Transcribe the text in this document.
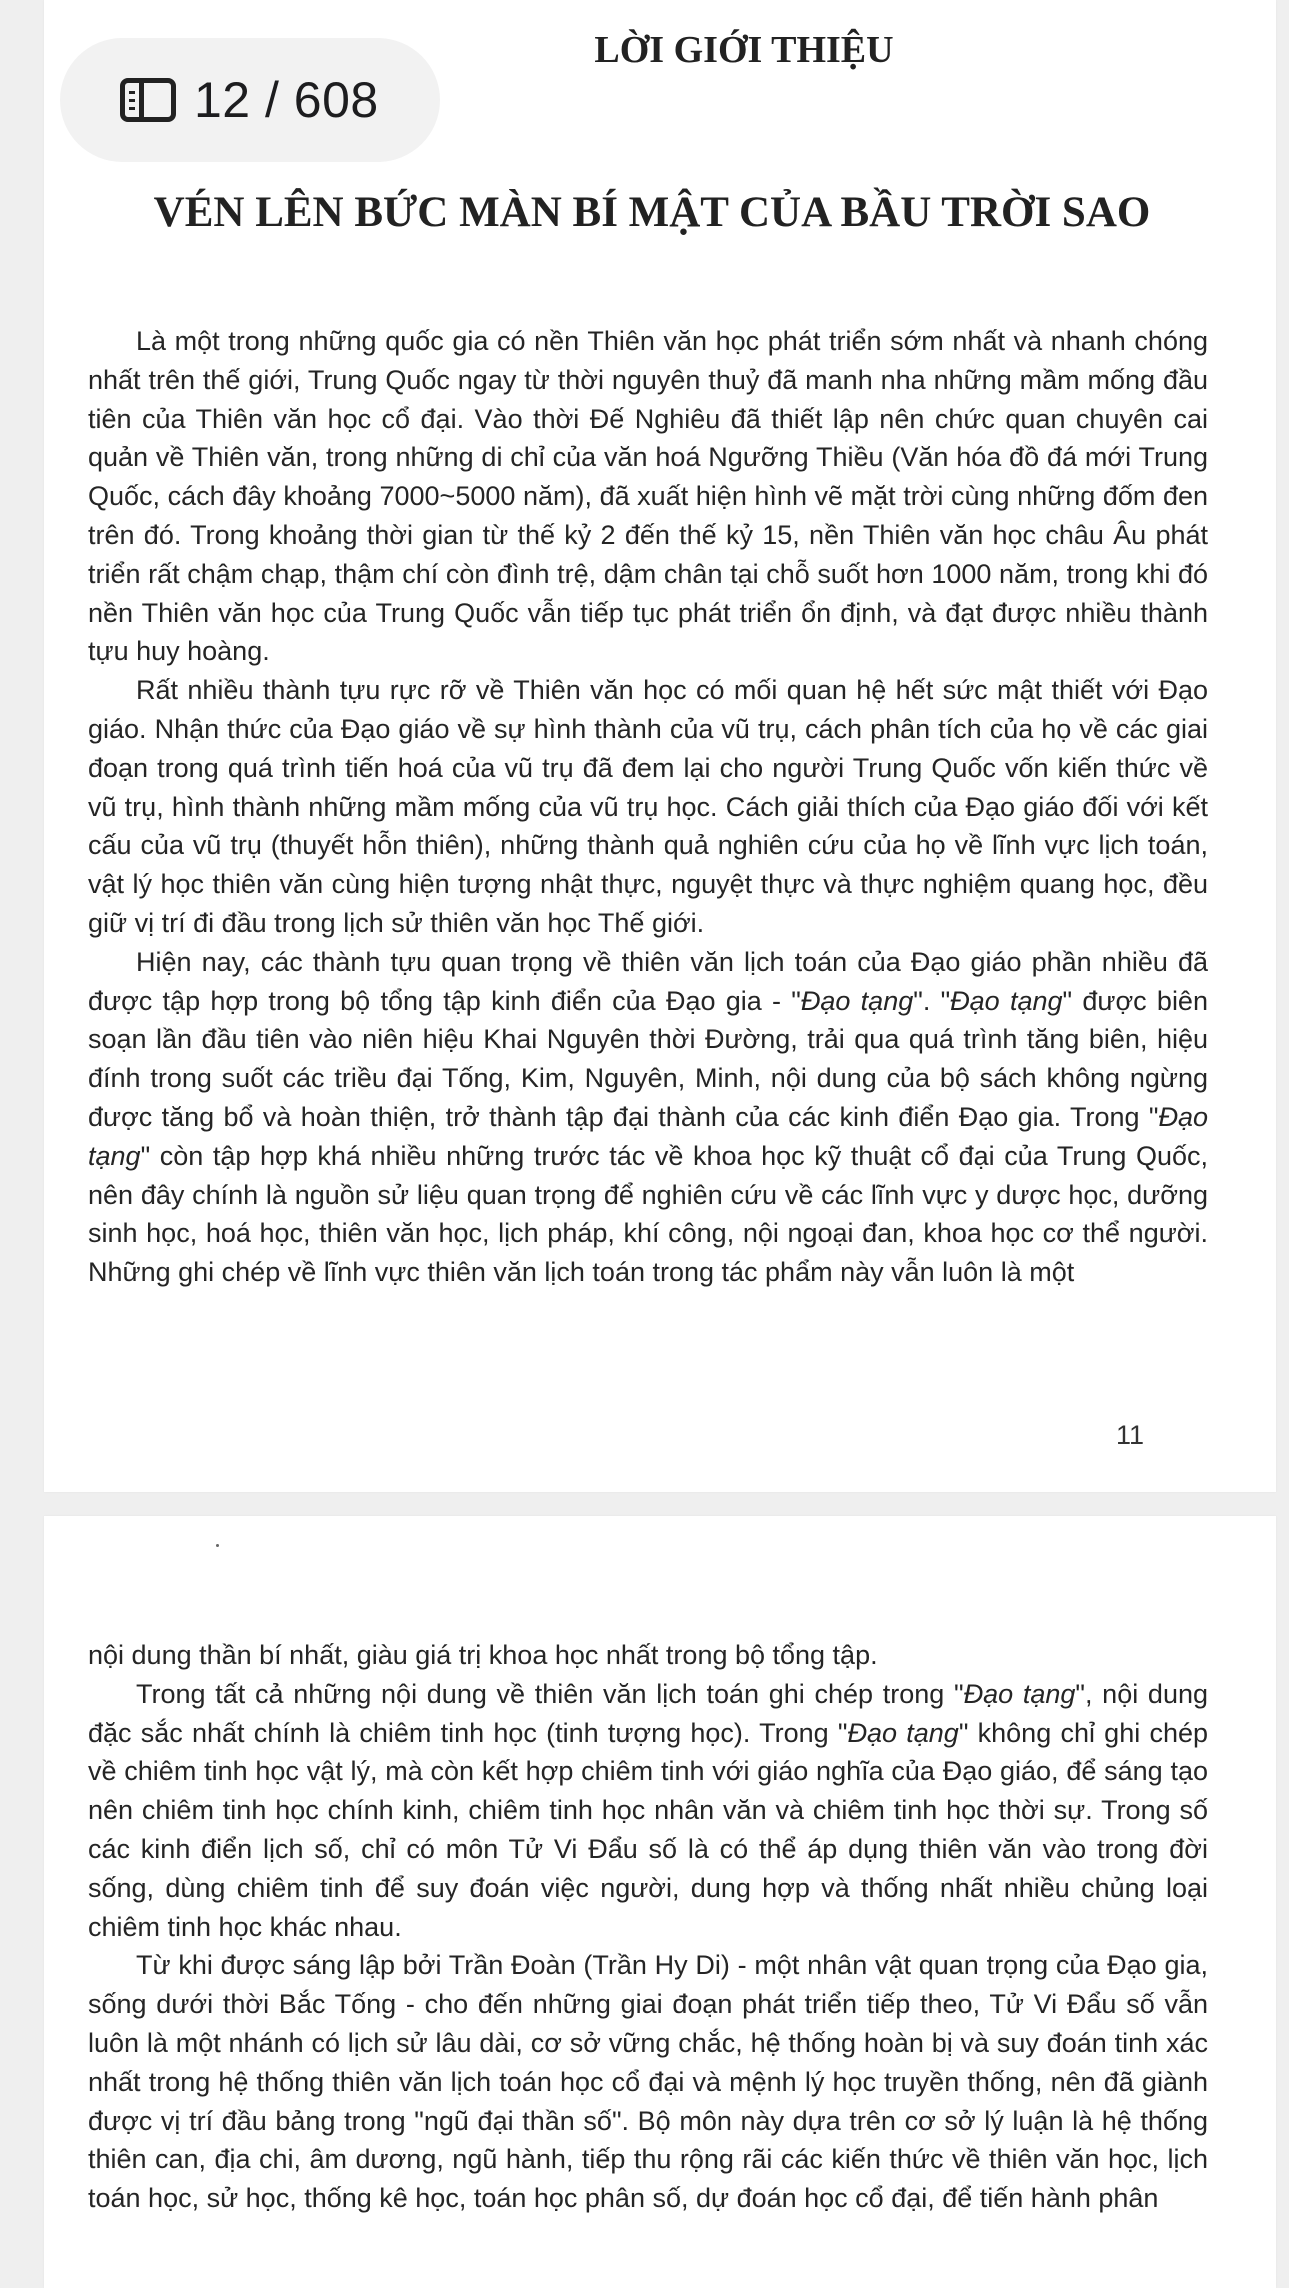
12 / 608
LỜI GIỚI THIỆU
VÉN LÊN BỨC MÀN BÍ MẬT CỦA BẦU TRỜI SAO

Là một trong những quốc gia có nền Thiên văn học phát triển sớm nhất và nhanh chóng nhất trên thế giới, Trung Quốc ngay từ thời nguyên thuỷ đã manh nha những mầm mống đầu tiên của Thiên văn học cổ đại. Vào thời Đế Nghiêu đã thiết lập nên chức quan chuyên cai quản về Thiên văn, trong những di chỉ của văn hoá Ngưỡng Thiều (Văn hóa đồ đá mới Trung Quốc, cách đây khoảng 7000~5000 năm), đã xuất hiện hình vẽ mặt trời cùng những đốm đen trên đó. Trong khoảng thời gian từ thế kỷ 2 đến thế kỷ 15, nền Thiên văn học châu Âu phát triển rất chậm chạp, thậm chí còn đình trệ, dậm chân tại chỗ suốt hơn 1000 năm, trong khi đó nền Thiên văn học của Trung Quốc vẫn tiếp tục phát triển ổn định, và đạt được nhiều thành tựu huy hoàng.

Rất nhiều thành tựu rực rỡ về Thiên văn học có mối quan hệ hết sức mật thiết với Đạo giáo. Nhận thức của Đạo giáo về sự hình thành của vũ trụ, cách phân tích của họ về các giai đoạn trong quá trình tiến hoá của vũ trụ đã đem lại cho người Trung Quốc vốn kiến thức về vũ trụ, hình thành những mầm mống của vũ trụ học. Cách giải thích của Đạo giáo đối với kết cấu của vũ trụ (thuyết hỗn thiên), những thành quả nghiên cứu của họ về lĩnh vực lịch toán, vật lý học thiên văn cùng hiện tượng nhật thực, nguyệt thực và thực nghiệm quang học, đều giữ vị trí đi đầu trong lịch sử thiên văn học Thế giới.

Hiện nay, các thành tựu quan trọng về thiên văn lịch toán của Đạo giáo phần nhiều đã được tập hợp trong bộ tổng tập kinh điển của Đạo gia - "Đạo tạng". "Đạo tạng" được biên soạn lần đầu tiên vào niên hiệu Khai Nguyên thời Đường, trải qua quá trình tăng biên, hiệu đính trong suốt các triều đại Tống, Kim, Nguyên, Minh, nội dung của bộ sách không ngừng được tăng bổ và hoàn thiện, trở thành tập đại thành của các kinh điển Đạo gia. Trong "Đạo tạng" còn tập hợp khá nhiều những trước tác về khoa học kỹ thuật cổ đại của Trung Quốc, nên đây chính là nguồn sử liệu quan trọng để nghiên cứu về các lĩnh vực y dược học, dưỡng sinh học, hoá học, thiên văn học, lịch pháp, khí công, nội ngoại đan, khoa học cơ thể người. Những ghi chép về lĩnh vực thiên văn lịch toán trong tác phẩm này vẫn luôn là một

11

nội dung thần bí nhất, giàu giá trị khoa học nhất trong bộ tổng tập.

Trong tất cả những nội dung về thiên văn lịch toán ghi chép trong "Đạo tạng", nội dung đặc sắc nhất chính là chiêm tinh học (tinh tượng học). Trong "Đạo tạng" không chỉ ghi chép về chiêm tinh học vật lý, mà còn kết hợp chiêm tinh với giáo nghĩa của Đạo giáo, để sáng tạo nên chiêm tinh học chính kinh, chiêm tinh học nhân văn và chiêm tinh học thời sự. Trong số các kinh điển lịch số, chỉ có môn Tử Vi Đẩu số là có thể áp dụng thiên văn vào trong đời sống, dùng chiêm tinh để suy đoán việc người, dung hợp và thống nhất nhiều chủng loại chiêm tinh học khác nhau.

Từ khi được sáng lập bởi Trần Đoàn (Trần Hy Di) - một nhân vật quan trọng của Đạo gia, sống dưới thời Bắc Tống - cho đến những giai đoạn phát triển tiếp theo, Tử Vi Đẩu số vẫn luôn là một nhánh có lịch sử lâu dài, cơ sở vững chắc, hệ thống hoàn bị và suy đoán tinh xác nhất trong hệ thống thiên văn lịch toán học cổ đại và mệnh lý học truyền thống, nên đã giành được vị trí đầu bảng trong "ngũ đại thần số". Bộ môn này dựa trên cơ sở lý luận là hệ thống thiên can, địa chi, âm dương, ngũ hành, tiếp thu rộng rãi các kiến thức về thiên văn học, lịch toán học, sử học, thống kê học, toán học phân số, dự đoán học cổ đại, để tiến hành phân
